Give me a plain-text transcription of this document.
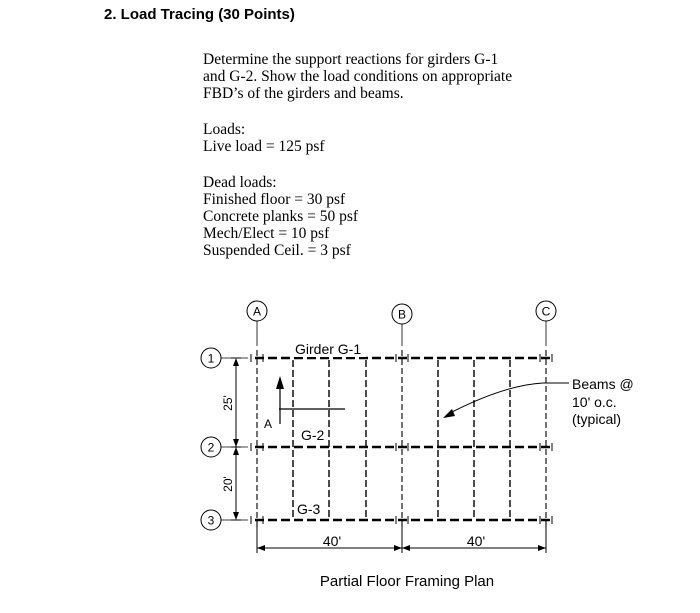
2. Load Tracing (30 Points)
Determine the support reactions for girders G-1
and G-2. Show the load conditions on appropriate
FBD’s of the girders and beams.
Loads:
Live load = 125 psf
Dead loads:
Finished floor = 30 psf
Concrete planks = 50 psf
Mech/Elect = 10 psf
Suspended Ceil. = 3 psf
A	B	C
1
2
3
Girder G-1
G-2
G-3
A
Beams @
10' o.c.
(typical)
25'
20'
40'	40'
Partial Floor Framing Plan
